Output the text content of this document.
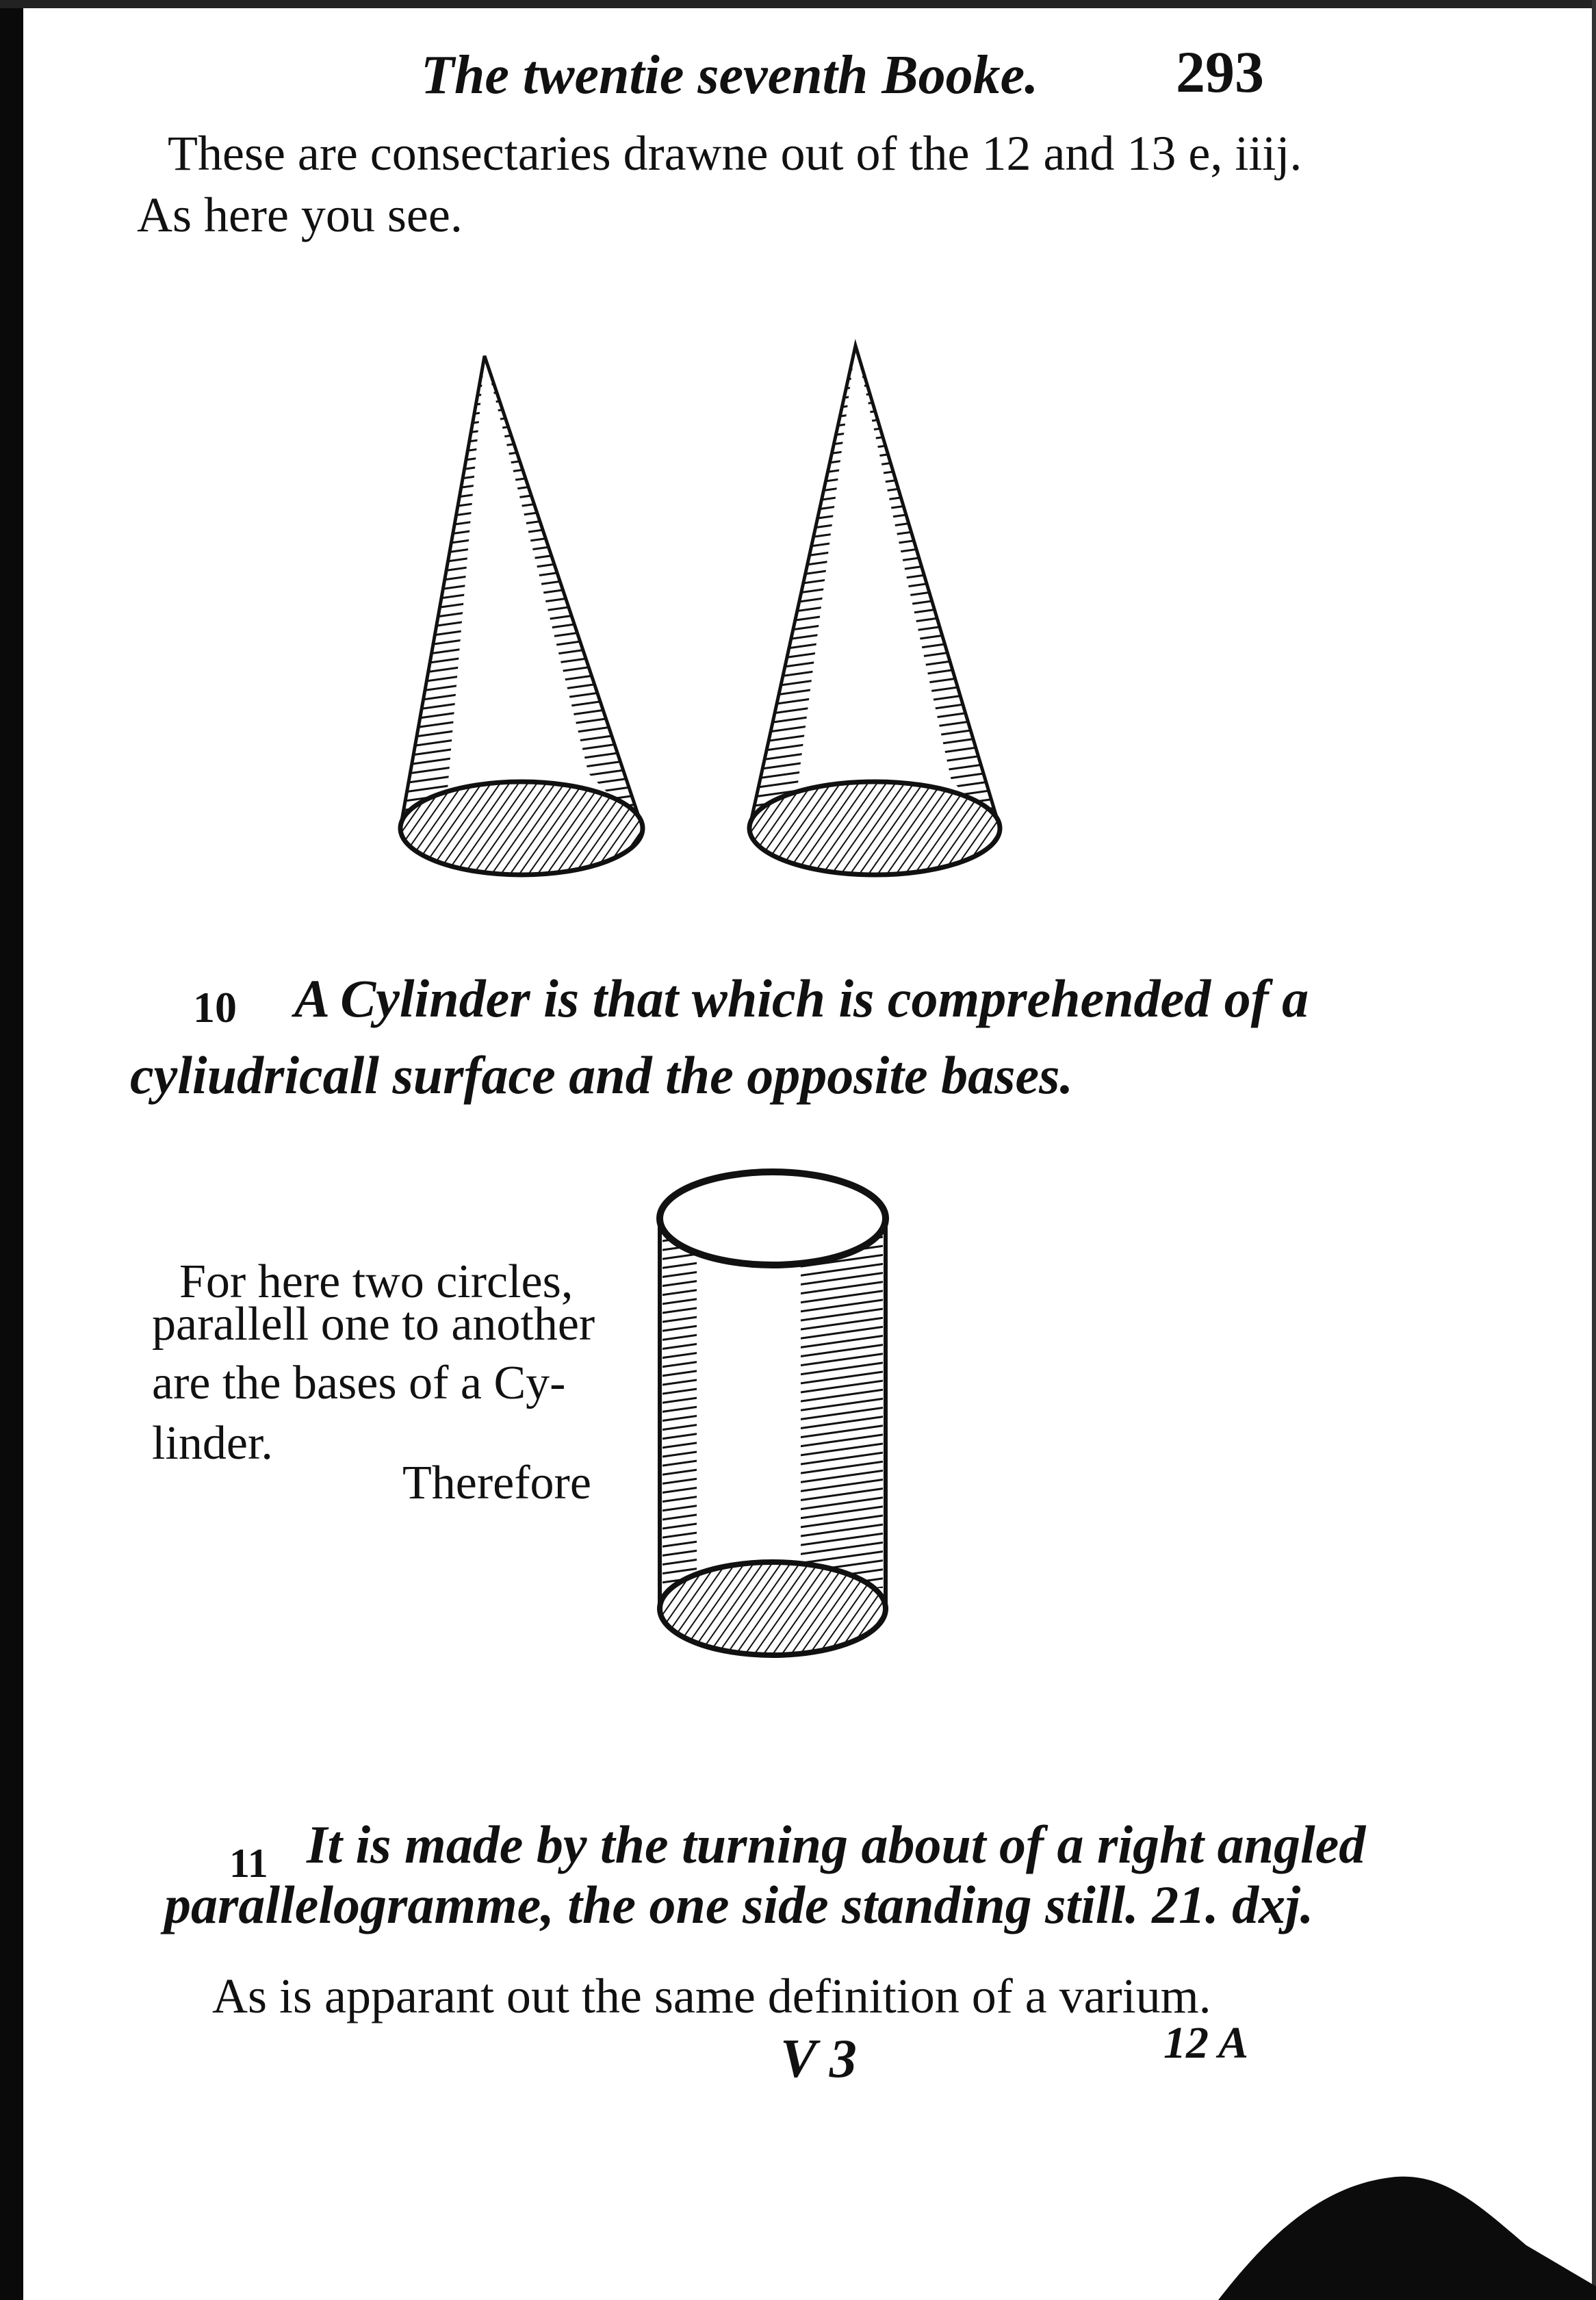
The twentie seventh Booke. 293
These are consectaries drawne out of the 12 and 13 e, iiij.
As here you see.
10 A Cylinder is that which is comprehended of a
cyliudricall surface and the opposite bases.
For here two circles,
parallell one to another
are the bases of a Cy-
linder.
Therefore
11 It is made by the turning about of a right angled
parallelogramme, the one side standing still. 21. dxj.
As is apparant out the same definition of a varium.
V 3	12 A
